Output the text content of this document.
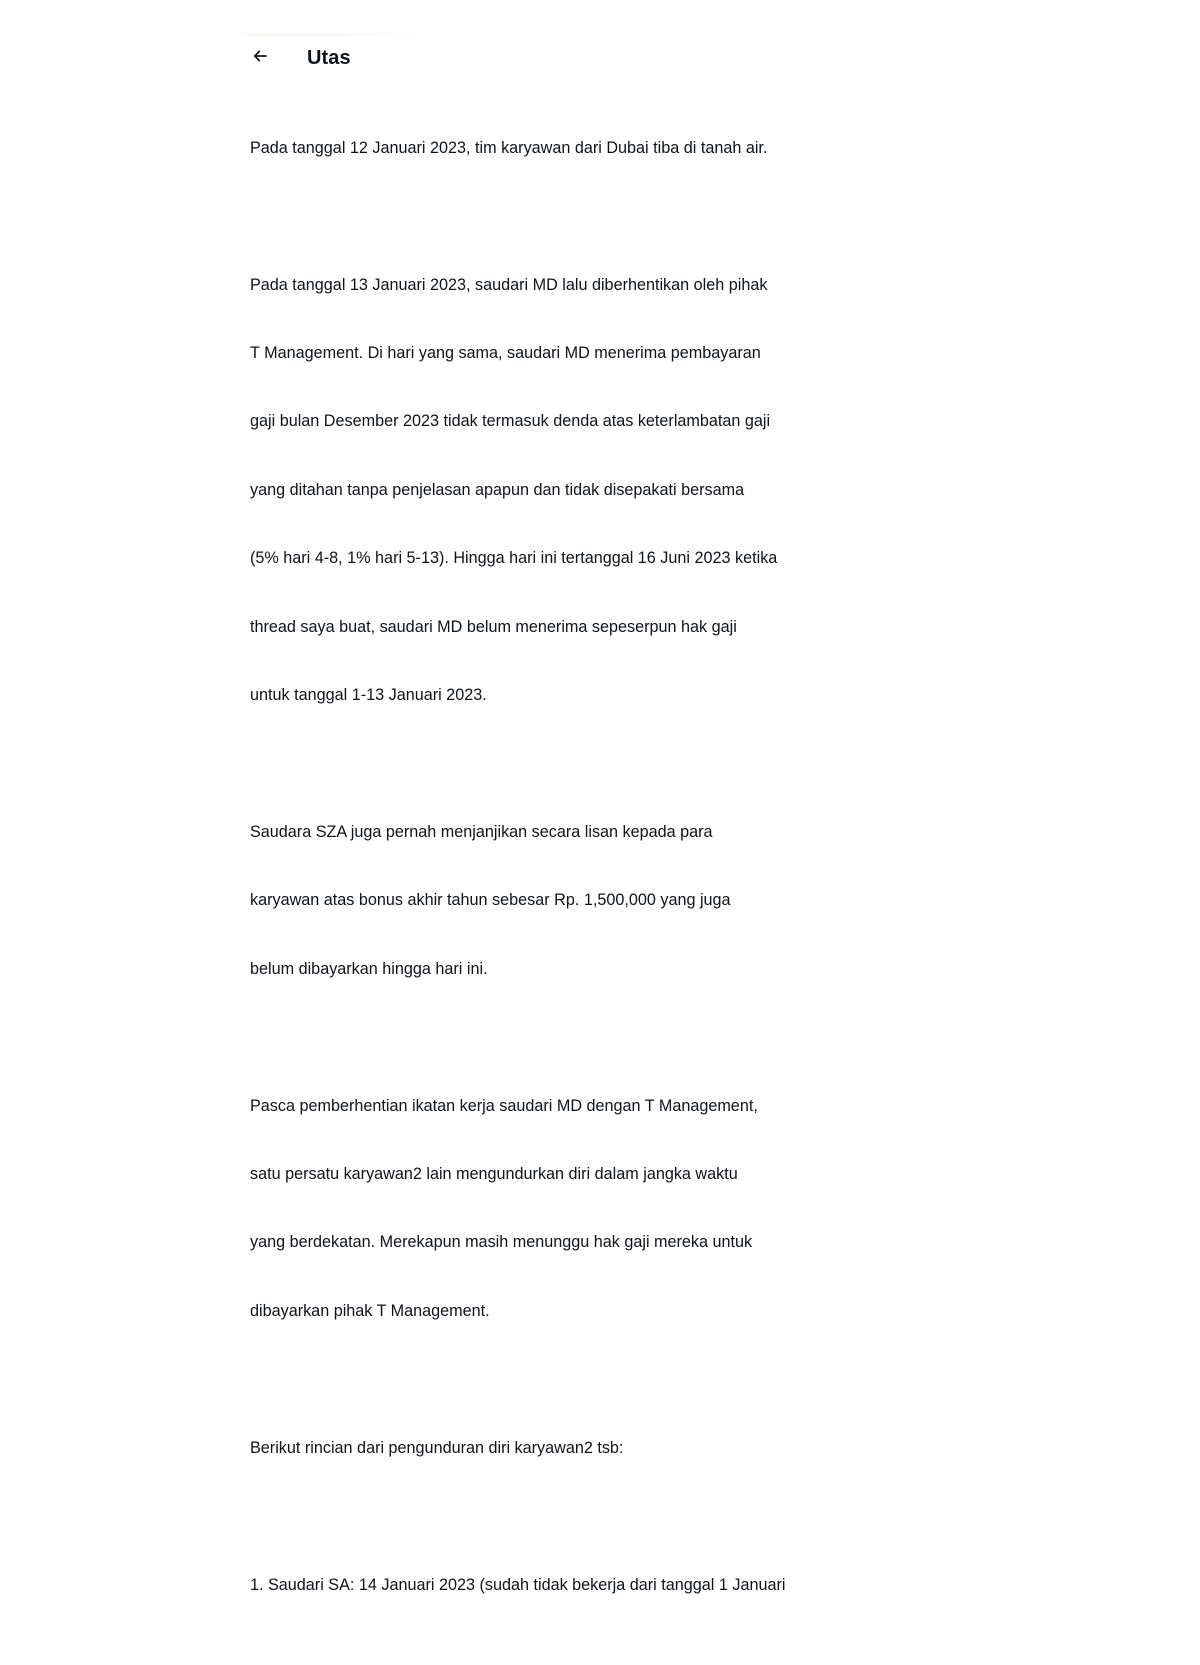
Utas

Pada tanggal 12 Januari 2023, tim karyawan dari Dubai tiba di tanah air.

Pada tanggal 13 Januari 2023, saudari MD lalu diberhentikan oleh pihak

T Management. Di hari yang sama, saudari MD menerima pembayaran

gaji bulan Desember 2023 tidak termasuk denda atas keterlambatan gaji

yang ditahan tanpa penjelasan apapun dan tidak disepakati bersama

(5% hari 4-8, 1% hari 5-13). Hingga hari ini tertanggal 16 Juni 2023 ketika

thread saya buat, saudari MD belum menerima sepeserpun hak gaji

untuk tanggal 1-13 Januari 2023.

Saudara SZA juga pernah menjanjikan secara lisan kepada para

karyawan atas bonus akhir tahun sebesar Rp. 1,500,000 yang juga

belum dibayarkan hingga hari ini.

Pasca pemberhentian ikatan kerja saudari MD dengan T Management,

satu persatu karyawan2 lain mengundurkan diri dalam jangka waktu

yang berdekatan. Merekapun masih menunggu hak gaji mereka untuk

dibayarkan pihak T Management.

Berikut rincian dari pengunduran diri karyawan2 tsb:

1. Saudari SA: 14 Januari 2023 (sudah tidak bekerja dari tanggal 1 Januari
